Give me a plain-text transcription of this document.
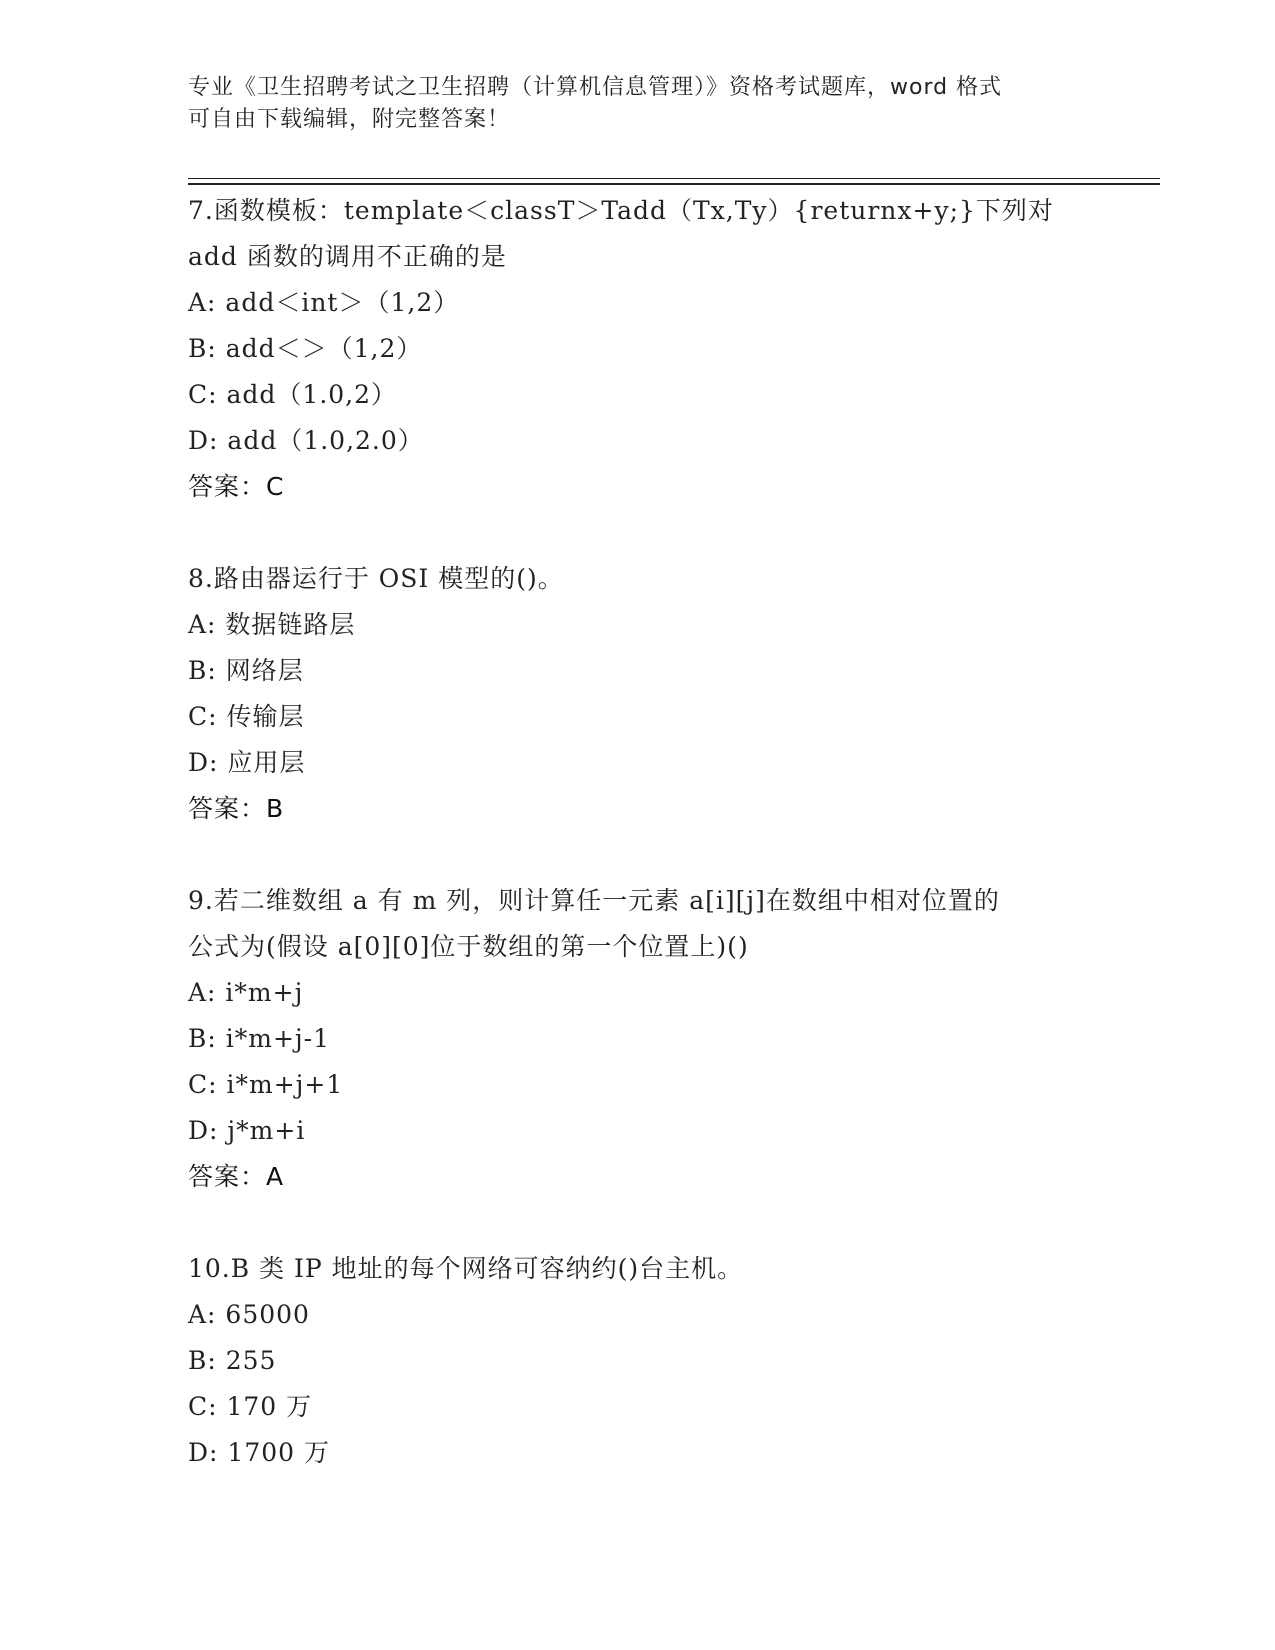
专业《卫生招聘考试之卫生招聘（计算机信息管理）》资格考试题库，word 格式
可自由下载编辑，附完整答案！
7.函数模板：template＜classT＞Tadd（Tx,Ty）{returnx+y;}下列对
add 函数的调用不正确的是
A: add＜int＞（1,2）
B: add＜＞（1,2）
C: add（1.0,2）
D: add（1.0,2.0）
答案：C
8.路由器运行于 OSI 模型的()。
A: 数据链路层
B: 网络层
C: 传输层
D: 应用层
答案：B
9.若二维数组 a 有 m 列，则计算任一元素 a[i][j]在数组中相对位置的
公式为(假设 a[0][0]位于数组的第一个位置上)()
A: i*m+j
B: i*m+j-1
C: i*m+j+1
D: j*m+i
答案：A
10.B 类 IP 地址的每个网络可容纳约()台主机。
A: 65000
B: 255
C: 170 万
D: 1700 万
